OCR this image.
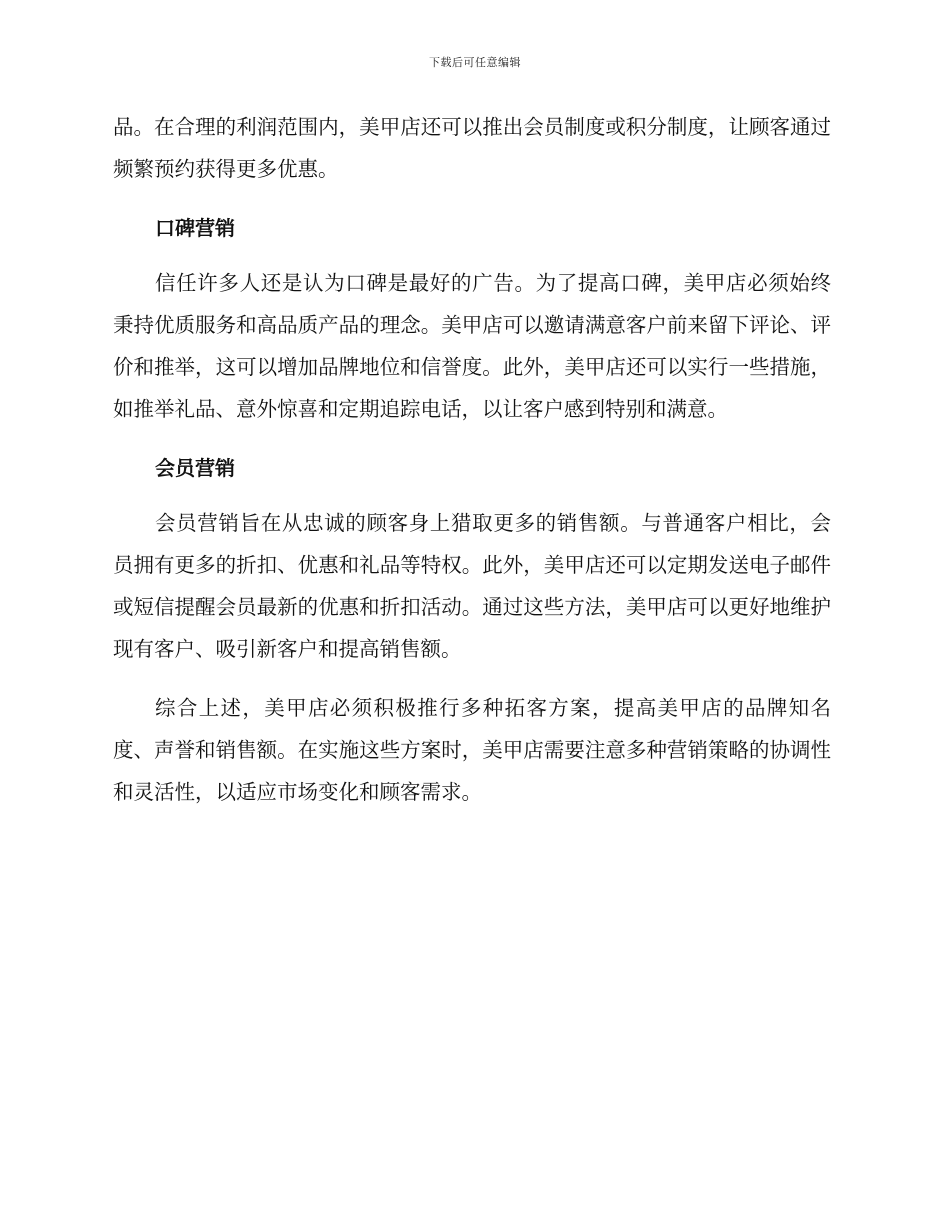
下载后可任意编辑

品。在合理的利润范围内，美甲店还可以推出会员制度或积分制度，让顾客通过频繁预约获得更多优惠。

口碑营销

信任许多人还是认为口碑是最好的广告。为了提高口碑，美甲店必须始终秉持优质服务和高品质产品的理念。美甲店可以邀请满意客户前来留下评论、评价和推举，这可以增加品牌地位和信誉度。此外，美甲店还可以实行一些措施，如推举礼品、意外惊喜和定期追踪电话，以让客户感到特别和满意。

会员营销

会员营销旨在从忠诚的顾客身上猎取更多的销售额。与普通客户相比，会员拥有更多的折扣、优惠和礼品等特权。此外，美甲店还可以定期发送电子邮件或短信提醒会员最新的优惠和折扣活动。通过这些方法，美甲店可以更好地维护现有客户、吸引新客户和提高销售额。

综合上述，美甲店必须积极推行多种拓客方案，提高美甲店的品牌知名度、声誉和销售额。在实施这些方案时，美甲店需要注意多种营销策略的协调性和灵活性，以适应市场变化和顾客需求。
